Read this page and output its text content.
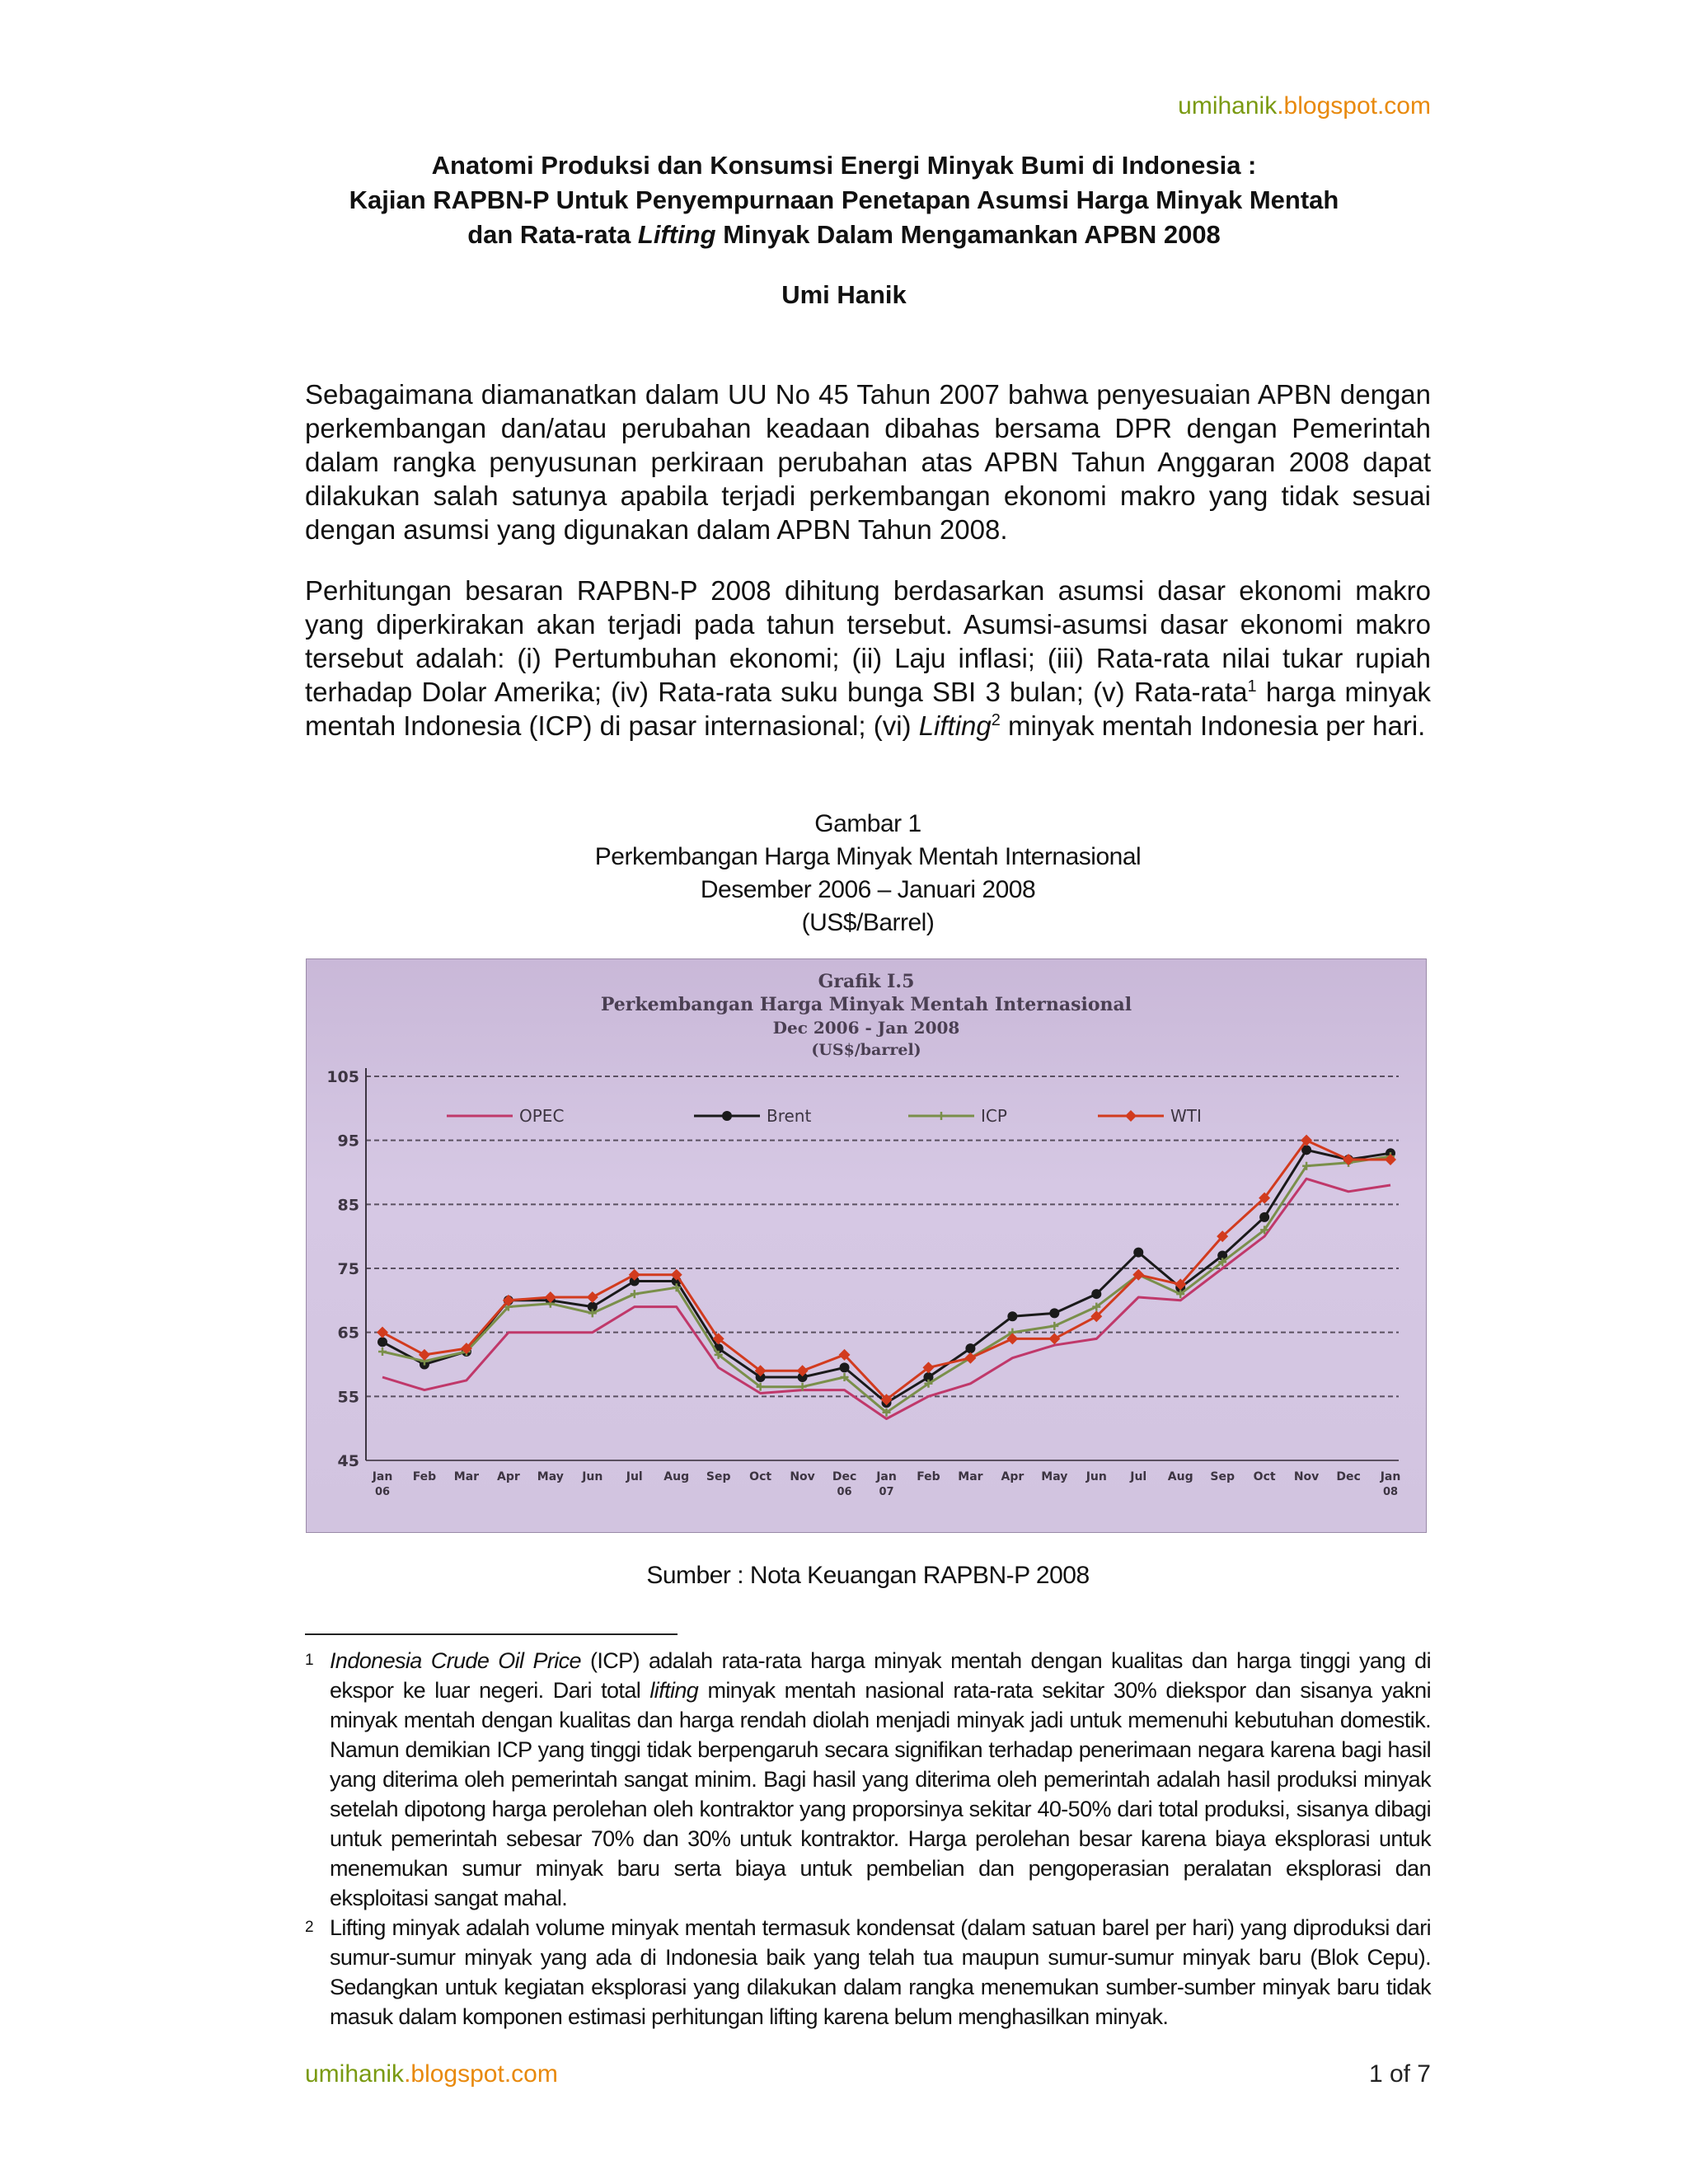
umihanik.blogspot.com
Anatomi Produksi dan Konsumsi Energi Minyak Bumi di Indonesia :
Kajian RAPBN-P Untuk Penyempurnaan Penetapan Asumsi Harga Minyak Mentah
dan Rata-rata Lifting Minyak Dalam Mengamankan APBN 2008
Umi Hanik
Sebagaimana diamanatkan dalam UU No 45 Tahun 2007 bahwa penyesuaian APBN dengan perkembangan dan/atau perubahan keadaan dibahas bersama DPR dengan Pemerintah dalam rangka penyusunan perkiraan perubahan atas APBN Tahun Anggaran 2008 dapat dilakukan salah satunya apabila terjadi perkembangan ekonomi makro yang tidak sesuai dengan asumsi yang digunakan dalam APBN Tahun 2008.
Perhitungan besaran RAPBN-P 2008 dihitung berdasarkan asumsi dasar ekonomi makro yang diperkirakan akan terjadi pada tahun tersebut. Asumsi-asumsi dasar ekonomi makro tersebut adalah: (i) Pertumbuhan ekonomi; (ii) Laju inflasi; (iii) Rata-rata nilai tukar rupiah terhadap Dolar Amerika; (iv) Rata-rata suku bunga SBI 3 bulan; (v) Rata-rata$^1$ harga minyak mentah Indonesia (ICP) di pasar internasional; (vi) Lifting$^2$ minyak mentah Indonesia per hari.
Gambar 1
Perkembangan Harga Minyak Mentah Internasional
Desember 2006 – Januari 2008
(US$/Barrel)
Grafik I.5
Perkembangan Harga Minyak Mentah Internasional
Dec 2006 - Jan 2008
(US$/barrel)
45
55
65
75
85
95
105
Jan
06
Feb Mar Apr May Jun Jul Aug Sep Oct Nov Dec
06
Jan
07
Feb Mar Apr May Jun Jul Aug Sep Oct Nov Dec Jan
08
OPEC	Brent	ICP	WTI
Sumber : Nota Keuangan RAPBN-P 2008
1 Indonesia Crude Oil Price (ICP) adalah rata-rata harga minyak mentah dengan kualitas dan harga tinggi yang di ekspor ke luar negeri. Dari total lifting minyak mentah nasional rata-rata sekitar 30% diekspor dan sisanya yakni minyak mentah dengan kualitas dan harga rendah diolah menjadi minyak jadi untuk memenuhi kebutuhan domestik. Namun demikian ICP yang tinggi tidak berpengaruh secara signifikan terhadap penerimaan negara karena bagi hasil yang diterima oleh pemerintah sangat minim. Bagi hasil yang diterima oleh pemerintah adalah hasil produksi minyak setelah dipotong harga perolehan oleh kontraktor yang proporsinya sekitar 40-50% dari total produksi, sisanya dibagi untuk pemerintah sebesar 70% dan 30% untuk kontraktor. Harga perolehan besar karena biaya eksplorasi untuk menemukan sumur minyak baru serta biaya untuk pembelian dan pengoperasian peralatan eksplorasi dan eksploitasi sangat mahal.
2 Lifting minyak adalah volume minyak mentah termasuk kondensat (dalam satuan barel per hari) yang diproduksi dari sumur-sumur minyak yang ada di Indonesia baik yang telah tua maupun sumur-sumur minyak baru (Blok Cepu). Sedangkan untuk kegiatan eksplorasi yang dilakukan dalam rangka menemukan sumber-sumber minyak baru tidak masuk dalam komponen estimasi perhitungan lifting karena belum menghasilkan minyak.
umihanik.blogspot.com	1 of 7
